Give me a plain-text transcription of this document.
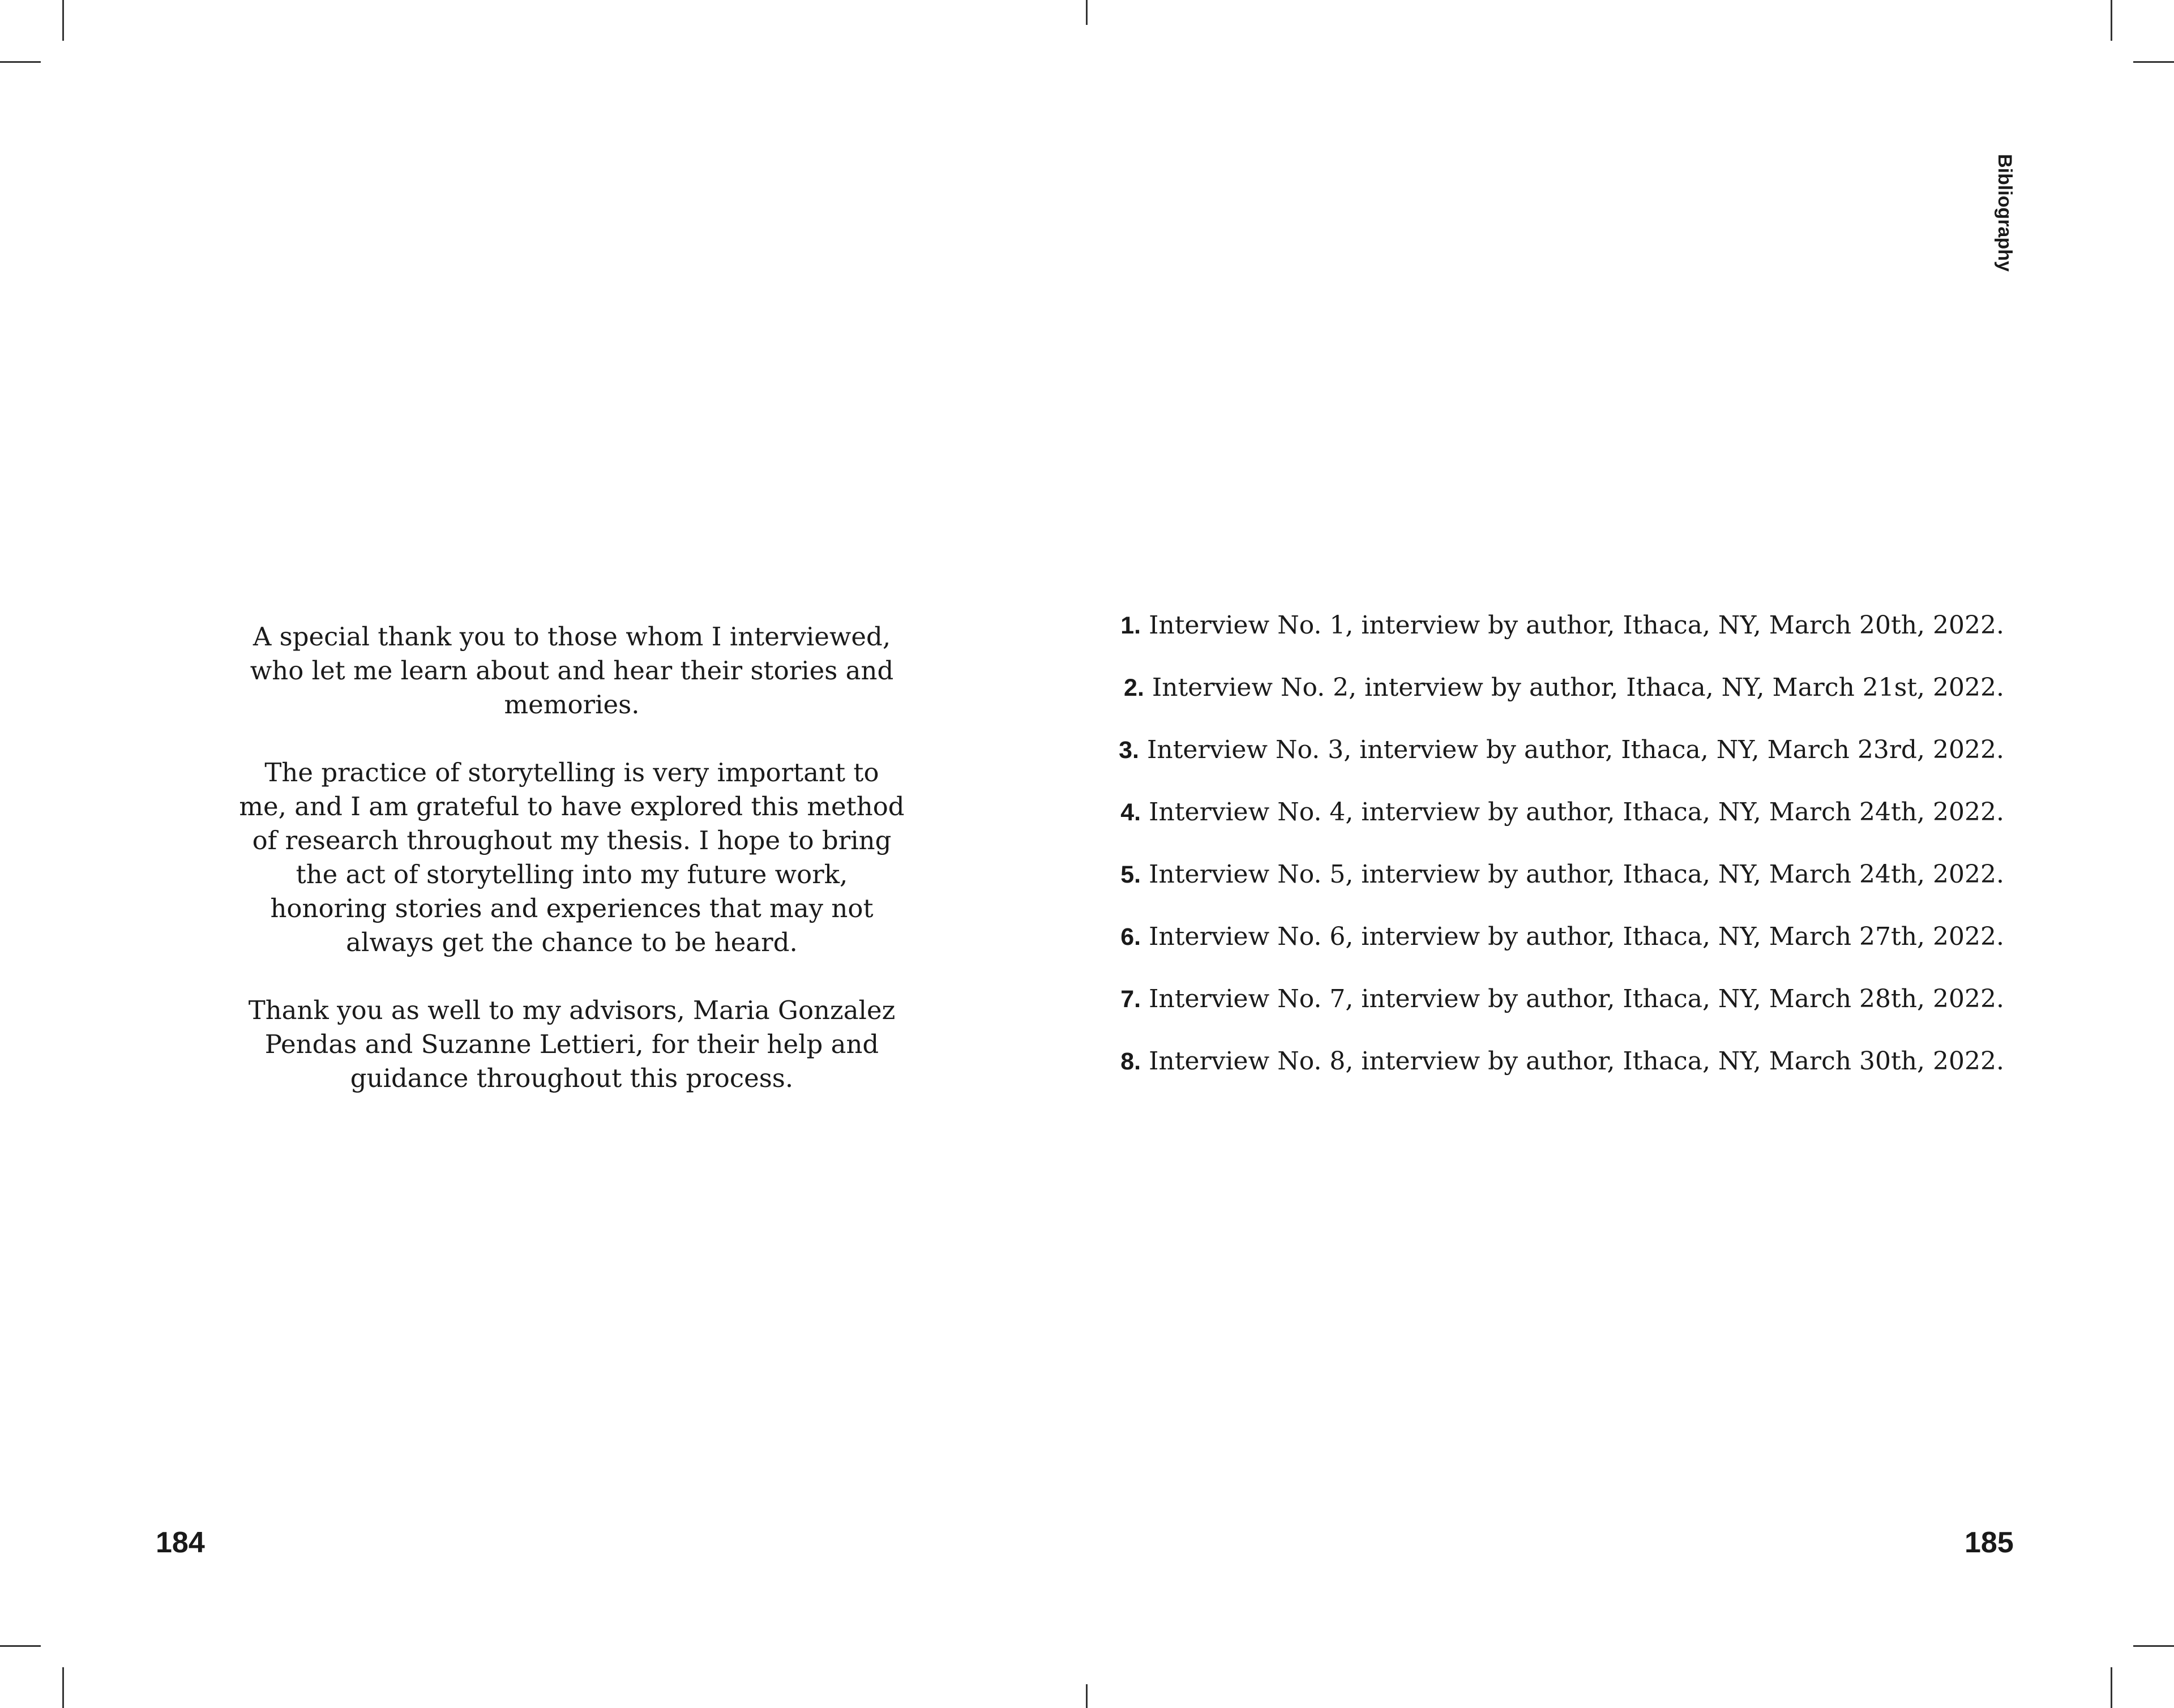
A special thank you to those whom I interviewed, who let me learn about and hear their stories and memories.

The practice of storytelling is very important to me, and I am grateful to have explored this method of research throughout my thesis. I hope to bring the act of storytelling into my future work, honoring stories and experiences that may not always get the chance to be heard.

Thank you as well to my advisors, Maria Gonzalez Pendas and Suzanne Lettieri, for their help and guidance throughout this process.

184
Bibliography
1. Interview No. 1, interview by author, Ithaca, NY, March 20th, 2022.
2. Interview No. 2, interview by author, Ithaca, NY, March 21st, 2022.
3. Interview No. 3, interview by author, Ithaca, NY, March 23rd, 2022.
4. Interview No. 4, interview by author, Ithaca, NY, March 24th, 2022.
5. Interview No. 5, interview by author, Ithaca, NY, March 24th, 2022.
6. Interview No. 6, interview by author, Ithaca, NY, March 27th, 2022.
7. Interview No. 7, interview by author, Ithaca, NY, March 28th, 2022.
8. Interview No. 8, interview by author, Ithaca, NY, March 30th, 2022.
185
